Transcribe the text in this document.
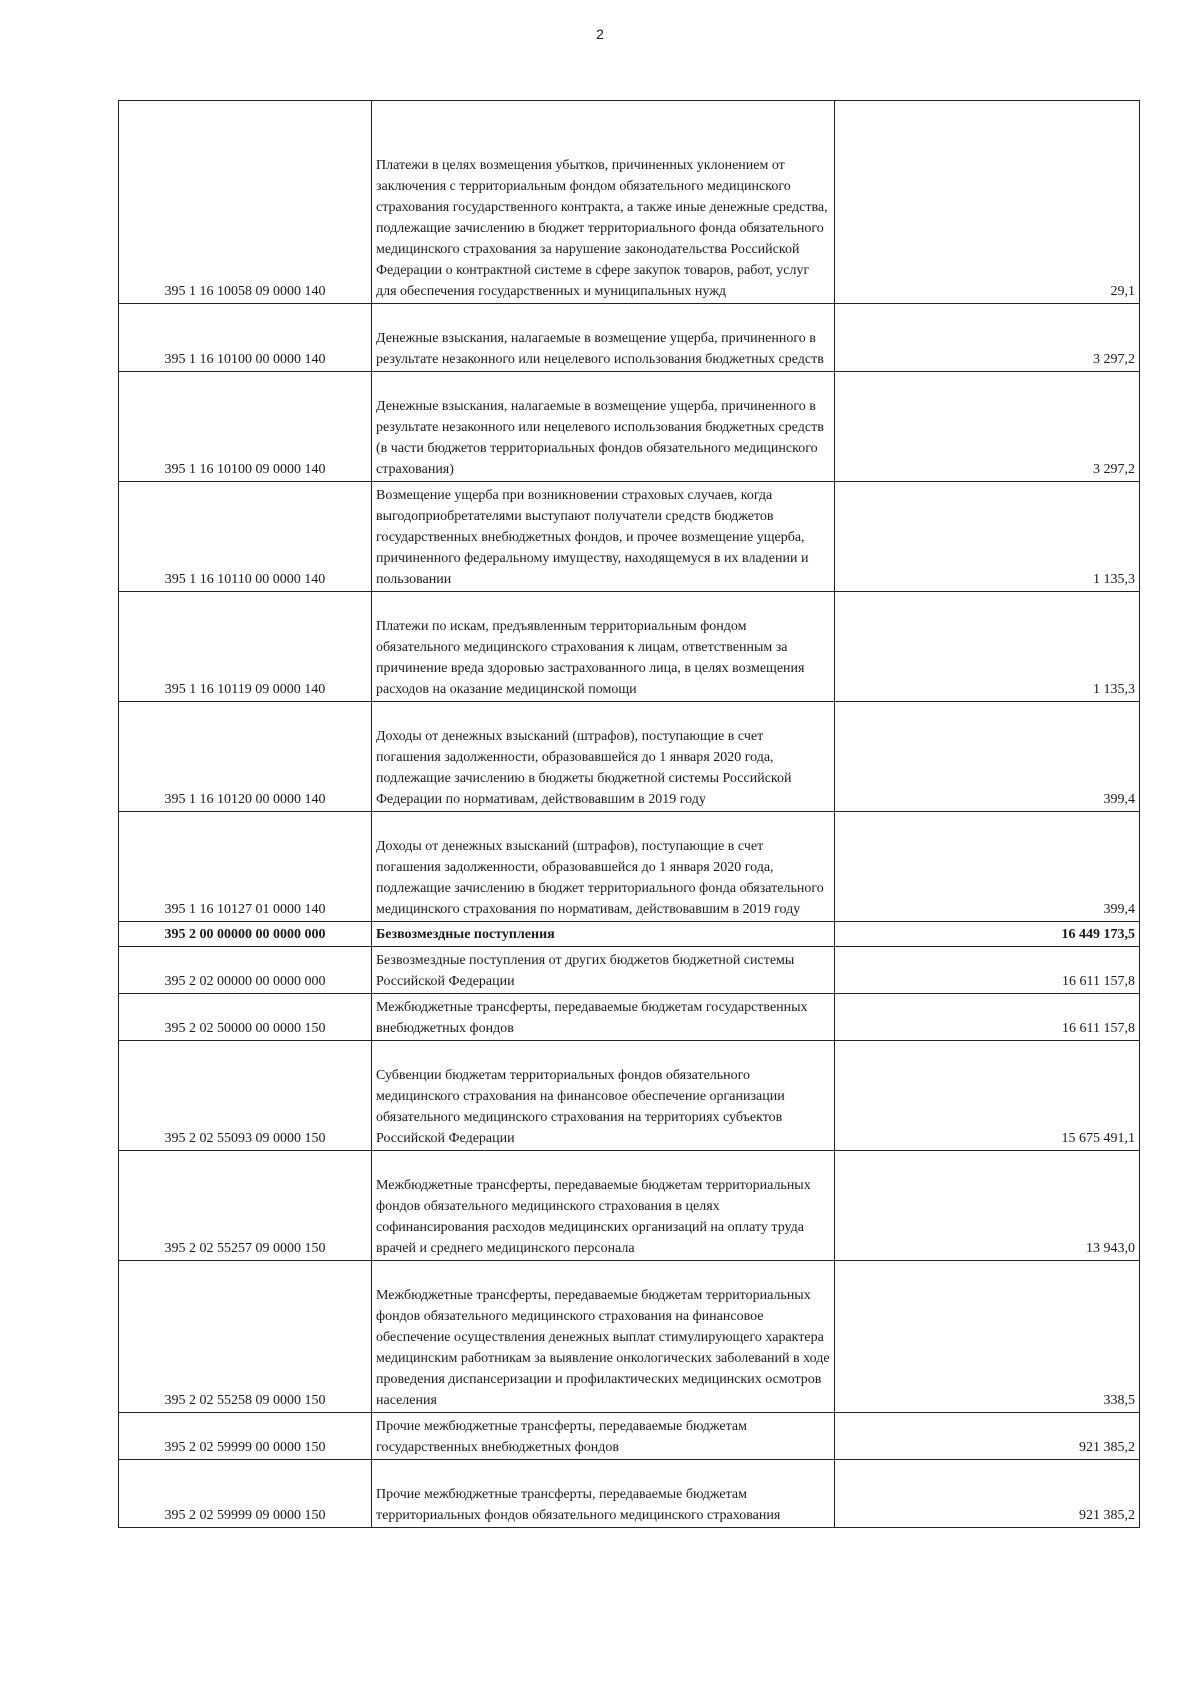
2
395 1 16 10058 09 0000 140	Платежи в целях возмещения убытков, причиненных уклонением от заключения с территориальным фондом обязательного медицинского страхования государственного контракта, а также иные денежные средства, подлежащие зачислению в бюджет территориального фонда обязательного медицинского страхования за нарушение законодательства Российской Федерации о контрактной системе в сфере закупок товаров, работ, услуг для обеспечения государственных и муниципальных нужд	29,1
395 1 16 10100 00 0000 140	Денежные взыскания, налагаемые в возмещение ущерба, причиненного в результате незаконного или нецелевого использования бюджетных средств	3 297,2
395 1 16 10100 09 0000 140	Денежные взыскания, налагаемые в возмещение ущерба, причиненного в результате незаконного или нецелевого использования бюджетных средств (в части бюджетов территориальных фондов обязательного медицинского страхования)	3 297,2
395 1 16 10110 00 0000 140	Возмещение ущерба при возникновении страховых случаев, когда выгодоприобретателями выступают получатели средств бюджетов государственных внебюджетных фондов, и прочее возмещение ущерба, причиненного федеральному имуществу, находящемуся в их владении и пользовании	1 135,3
395 1 16 10119 09 0000 140	Платежи по искам, предъявленным территориальным фондом обязательного медицинского страхования к лицам, ответственным за причинение вреда здоровью застрахованного лица, в целях возмещения расходов на оказание медицинской помощи	1 135,3
395 1 16 10120 00 0000 140	Доходы от денежных взысканий (штрафов), поступающие в счет погашения задолженности, образовавшейся до 1 января 2020 года, подлежащие зачислению в бюджеты бюджетной системы Российской Федерации по нормативам, действовавшим в 2019 году	399,4
395 1 16 10127 01 0000 140	Доходы от денежных взысканий (штрафов), поступающие в счет погашения задолженности, образовавшейся до 1 января 2020 года, подлежащие зачислению в бюджет территориального фонда обязательного медицинского страхования по нормативам, действовавшим в 2019 году	399,4
395 2 00 00000 00 0000 000	Безвозмездные поступления	16 449 173,5
395 2 02 00000 00 0000 000	Безвозмездные поступления от других бюджетов бюджетной системы Российской Федерации	16 611 157,8
395 2 02 50000 00 0000 150	Межбюджетные трансферты, передаваемые бюджетам государственных внебюджетных фондов	16 611 157,8
395 2 02 55093 09 0000 150	Субвенции бюджетам территориальных фондов обязательного медицинского страхования на финансовое обеспечение организации обязательного медицинского страхования на территориях субъектов Российской Федерации	15 675 491,1
395 2 02 55257 09 0000 150	Межбюджетные трансферты, передаваемые бюджетам территориальных фондов обязательного медицинского страхования в целях софинансирования расходов медицинских организаций на оплату труда врачей и среднего медицинского персонала	13 943,0
395 2 02 55258 09 0000 150	Межбюджетные трансферты, передаваемые бюджетам территориальных фондов обязательного медицинского страхования на финансовое обеспечение осуществления денежных выплат стимулирующего характера медицинским работникам за выявление онкологических заболеваний в ходе проведения диспансеризации и профилактических медицинских осмотров населения	338,5
395 2 02 59999 00 0000 150	Прочие межбюджетные трансферты, передаваемые бюджетам государственных внебюджетных фондов	921 385,2
395 2 02 59999 09 0000 150	Прочие межбюджетные трансферты, передаваемые бюджетам территориальных фондов обязательного медицинского страхования	921 385,2
